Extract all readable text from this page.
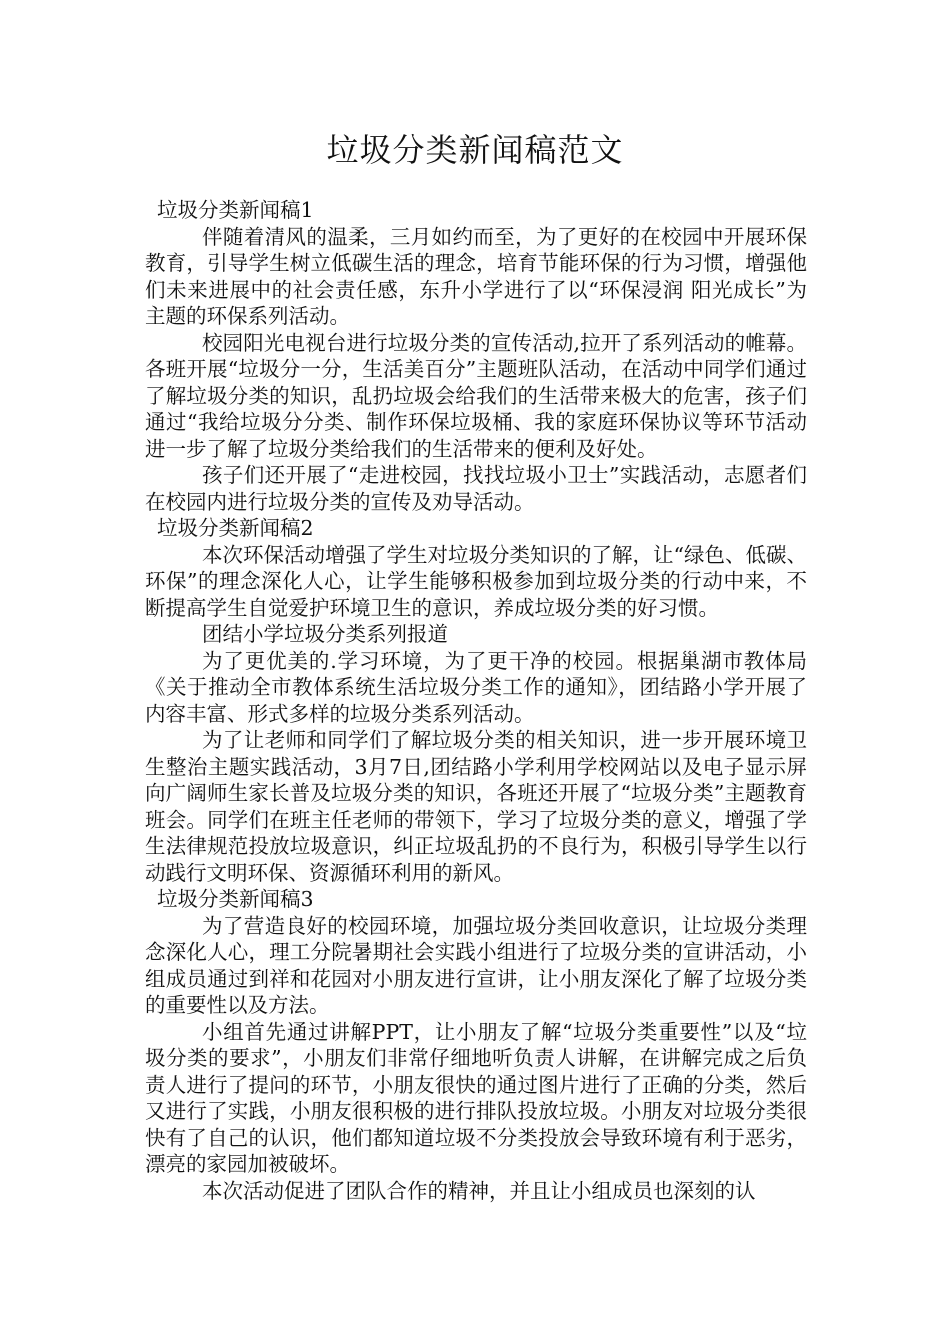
垃圾分类新闻稿范文

垃圾分类新闻稿1

伴随着清风的温柔，三月如约而至，为了更好的在校园中开展环保教育，引导学生树立低碳生活的理念，培育节能环保的行为习惯，增强他们未来进展中的社会责任感，东升小学进行了以“环保浸润 阳光成长”为主题的环保系列活动。

校园阳光电视台进行垃圾分类的宣传活动,拉开了系列活动的帷幕。各班开展“垃圾分一分，生活美百分”主题班队活动，在活动中同学们通过了解垃圾分类的知识，乱扔垃圾会给我们的生活带来极大的危害，孩子们通过“我给垃圾分分类、制作环保垃圾桶、我的家庭环保协议等环节活动进一步了解了垃圾分类给我们的生活带来的便利及好处。

孩子们还开展了“走进校园，找找垃圾小卫士”实践活动，志愿者们在校园内进行垃圾分类的宣传及劝导活动。

垃圾分类新闻稿2

本次环保活动增强了学生对垃圾分类知识的了解，让“绿色、低碳、环保”的理念深化人心，让学生能够积极参加到垃圾分类的行动中来，不断提高学生自觉爱护环境卫生的意识，养成垃圾分类的好习惯。

团结小学垃圾分类系列报道

为了更优美的.学习环境，为了更干净的校园。根据巢湖市教体局《关于推动全市教体系统生活垃圾分类工作的通知》，团结路小学开展了内容丰富、形式多样的垃圾分类系列活动。

为了让老师和同学们了解垃圾分类的相关知识，进一步开展环境卫生整治主题实践活动，3月7日,团结路小学利用学校网站以及电子显示屏向广阔师生家长普及垃圾分类的知识，各班还开展了“垃圾分类”主题教育班会。同学们在班主任老师的带领下，学习了垃圾分类的意义，增强了学生法律规范投放垃圾意识，纠正垃圾乱扔的不良行为，积极引导学生以行动践行文明环保、资源循环利用的新风。

垃圾分类新闻稿3

为了营造良好的校园环境，加强垃圾分类回收意识，让垃圾分类理念深化人心，理工分院暑期社会实践小组进行了垃圾分类的宣讲活动，小组成员通过到祥和花园对小朋友进行宣讲，让小朋友深化了解了垃圾分类的重要性以及方法。

小组首先通过讲解PPT，让小朋友了解“垃圾分类重要性”以及“垃圾分类的要求”，小朋友们非常仔细地听负责人讲解，在讲解完成之后负责人进行了提问的环节，小朋友很快的通过图片进行了正确的分类，然后又进行了实践，小朋友很积极的进行排队投放垃圾。小朋友对垃圾分类很快有了自己的认识，他们都知道垃圾不分类投放会导致环境有利于恶劣，漂亮的家园加被破坏。

本次活动促进了团队合作的精神，并且让小组成员也深刻的认
